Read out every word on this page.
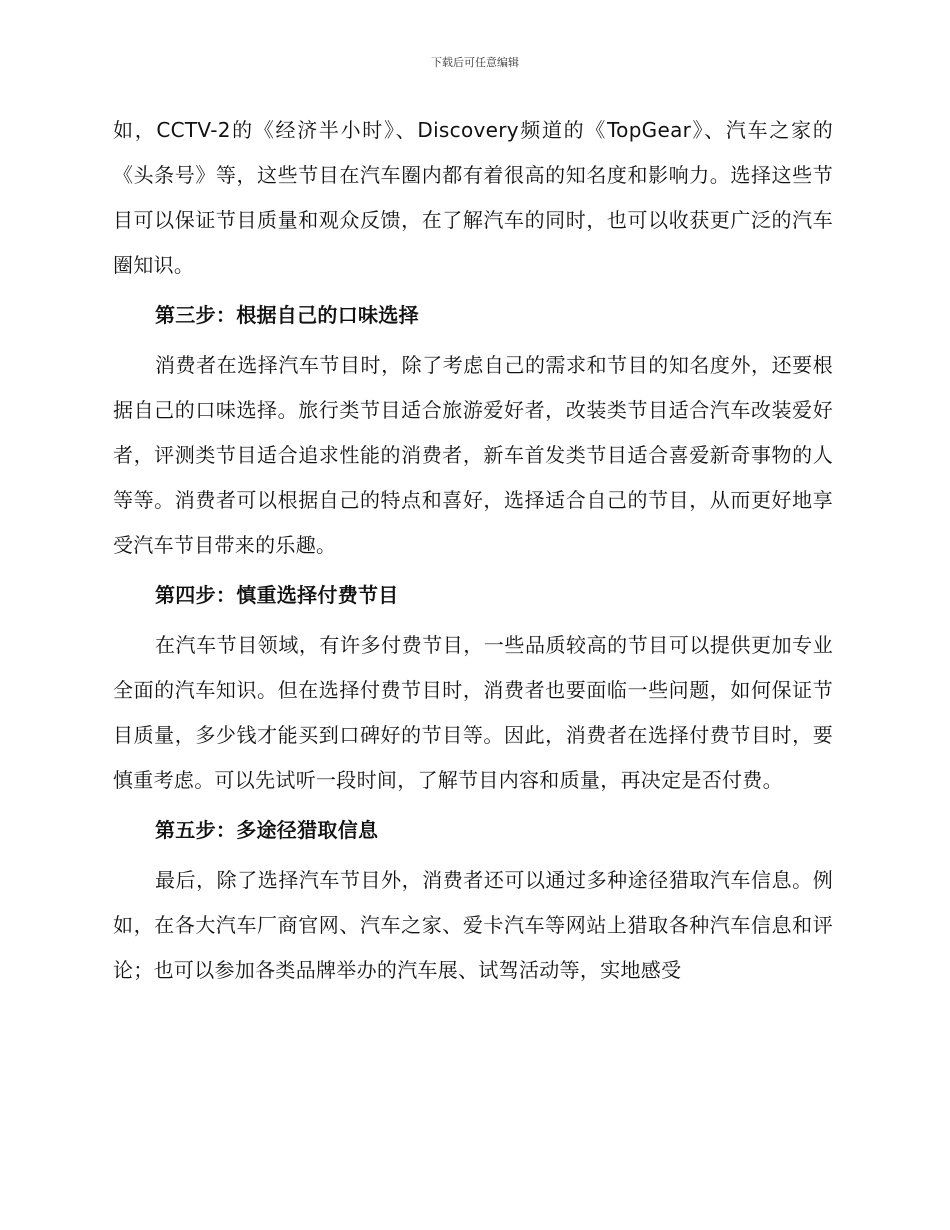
下载后可任意编辑

如，CCTV-2的《经济半小时》、Discovery频道的《TopGear》、汽车之家的《头条号》等，这些节目在汽车圈内都有着很高的知名度和影响力。选择这些节目可以保证节目质量和观众反馈，在了解汽车的同时，也可以收获更广泛的汽车圈知识。

第三步：根据自己的口味选择

消费者在选择汽车节目时，除了考虑自己的需求和节目的知名度外，还要根据自己的口味选择。旅行类节目适合旅游爱好者，改装类节目适合汽车改装爱好者，评测类节目适合追求性能的消费者，新车首发类节目适合喜爱新奇事物的人等等。消费者可以根据自己的特点和喜好，选择适合自己的节目，从而更好地享受汽车节目带来的乐趣。

第四步：慎重选择付费节目

在汽车节目领域，有许多付费节目，一些品质较高的节目可以提供更加专业全面的汽车知识。但在选择付费节目时，消费者也要面临一些问题，如何保证节目质量，多少钱才能买到口碑好的节目等。因此，消费者在选择付费节目时，要慎重考虑。可以先试听一段时间，了解节目内容和质量，再决定是否付费。

第五步：多途径猎取信息

最后，除了选择汽车节目外，消费者还可以通过多种途径猎取汽车信息。例如，在各大汽车厂商官网、汽车之家、爱卡汽车等网站上猎取各种汽车信息和评论；也可以参加各类品牌举办的汽车展、试驾活动等，实地感受
